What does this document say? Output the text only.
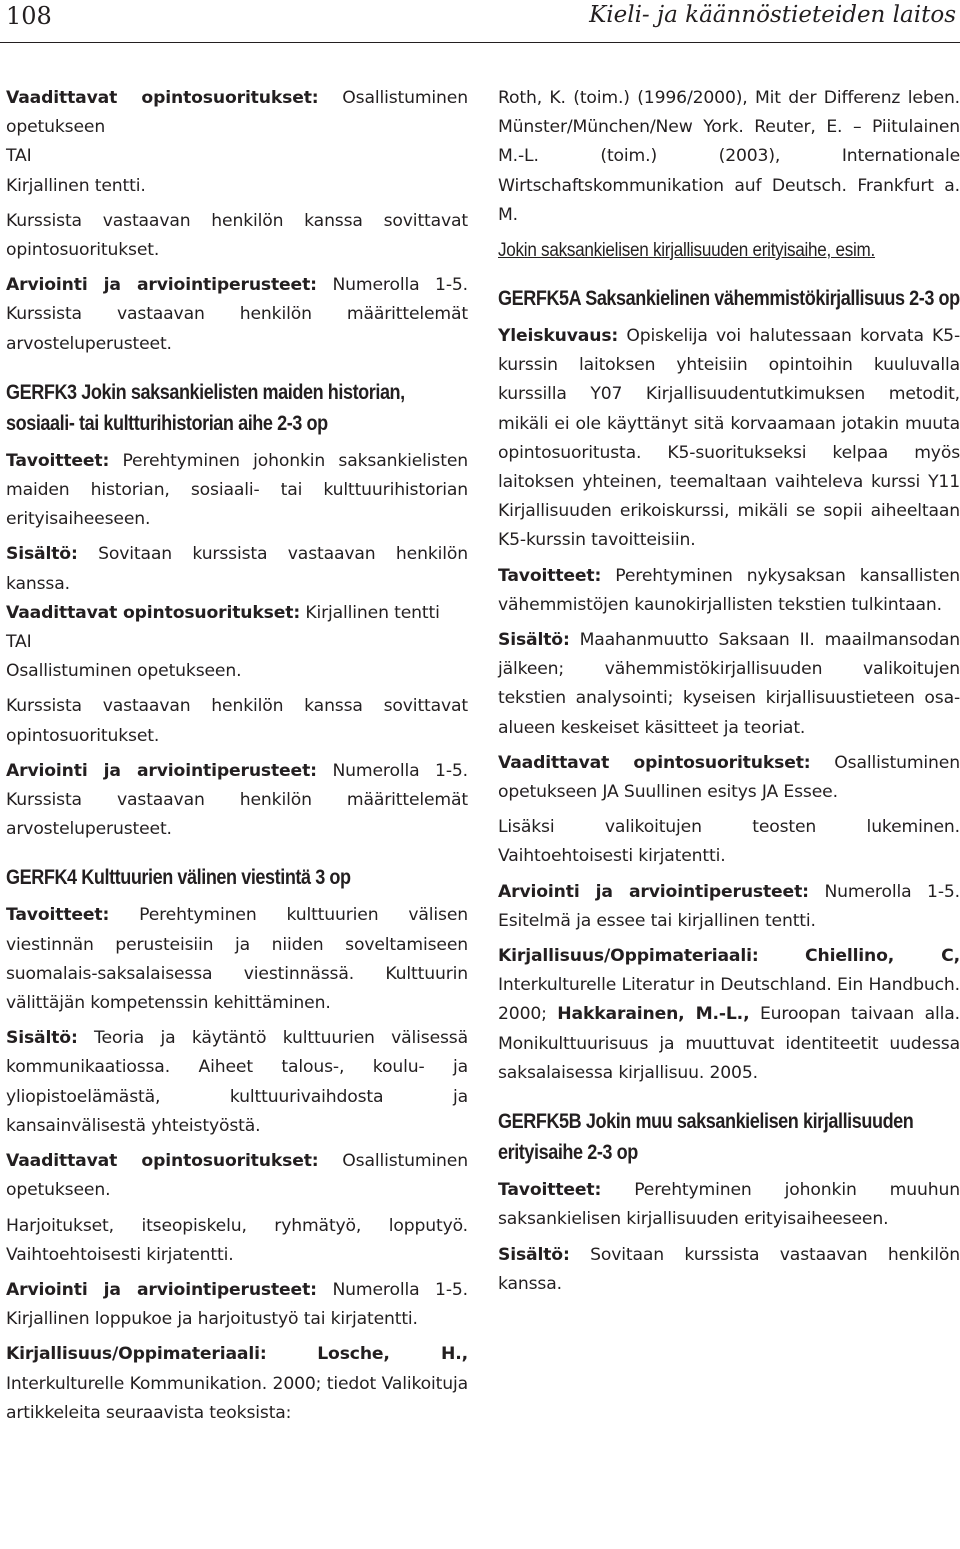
108	Kieli- ja käännöstieteiden laitos

Vaadittavat opintosuoritukset: Osallistuminen opetukseen

TAI

Kirjallinen tentti.

Kurssista vastaavan henkilön kanssa sovittavat opintosuoritukset.

Arviointi ja arviointiperusteet: Numerolla 1-5. Kurssista vastaavan henkilön määrittelemät arvosteluperusteet.

GERFK3 Jokin saksankielisten maiden historian, sosiaali- tai kultturihistorian aihe 2-3 op

Tavoitteet: Perehtyminen johonkin saksankielisten maiden historian, sosiaali- tai kulttuurihistorian erityisaiheeseen.

Sisältö: Sovitaan kurssista vastaavan henkilön kanssa.

Vaadittavat opintosuoritukset: Kirjallinen tentti

TAI

Osallistuminen opetukseen.

Kurssista vastaavan henkilön kanssa sovittavat opintosuoritukset.

Arviointi ja arviointiperusteet: Numerolla 1-5. Kurssista vastaavan henkilön määrittelemät arvosteluperusteet.

GERFK4 Kulttuurien välinen viestintä 3 op

Tavoitteet: Perehtyminen kulttuurien välisen viestinnän perusteisiin ja niiden soveltamiseen suomalais-saksalaisessa viestinnässä. Kulttuurin välittäjän kompetenssin kehittäminen.

Sisältö: Teoria ja käytäntö kulttuurien välisessä kommunikaatiossa. Aiheet talous-, koulu- ja yliopistoelämästä, kulttuurivaihdosta ja kansainvälisestä yhteistyöstä.

Vaadittavat opintosuoritukset: Osallistuminen opetukseen.

Harjoitukset, itseopiskelu, ryhmätyö, lopputyö. Vaihtoehtoisesti kirjatentti.

Arviointi ja arviointiperusteet: Numerolla 1-5. Kirjallinen loppukoe ja harjoitustyö tai kirjatentti.

Kirjallisuus/Oppimateriaali:	Losche, H., Interkulturelle Kommunikation. 2000; tiedot Valikoituja artikkeleita seuraavista teoksista:

Roth, K. (toim.) (1996/2000), Mit der Differenz leben. Münster/München/New York. Reuter, E. – Piitulainen M.-L. (toim.) (2003), Internationale Wirtschaftskommunikation auf Deutsch. Frankfurt a. M.

Jokin saksankielisen kirjallisuuden erityisaihe, esim.
GERFK5A Saksankielinen vähemmistökirjallisuus 2-3 op

Yleiskuvaus: Opiskelija voi halutessaan korvata K5-kurssin laitoksen yhteisiin opintoihin kuuluvalla kurssilla Y07 Kirjallisuudentutkimuksen metodit, mikäli ei ole käyttänyt sitä korvaamaan jotakin muuta opintosuoritusta. K5-suoritukseksi kelpaa myös laitoksen yhteinen, teemaltaan vaihteleva kurssi Y11 Kirjallisuuden erikoiskurssi, mikäli se sopii aiheeltaan K5-kurssin tavoitteisiin.

Tavoitteet: Perehtyminen nykysaksan kansallisten vähemmistöjen kaunokirjallisten tekstien tulkintaan.

Sisältö: Maahanmuutto Saksaan II. maailmansodan jälkeen; vähemmistökirjallisuuden valikoitujen tekstien analysointi; kyseisen kirjallisuustieteen osa-alueen keskeiset käsitteet ja teoriat.

Vaadittavat opintosuoritukset: Osallistuminen opetukseen JA Suullinen esitys JA Essee.

Lisäksi valikoitujen teosten lukeminen. Vaihtoehtoisesti kirjatentti.

Arviointi ja arviointiperusteet: Numerolla 1-5. Esitelmä ja essee tai kirjallinen tentti.

Kirjallisuus/Oppimateriaali:	Chiellino, C, Interkulturelle Literatur in Deutschland. Ein Handbuch. 2000; Hakkarainen, M.-L., Euroopan taivaan alla. Monikulttuurisuus ja muuttuvat identiteetit uudessa saksalaisessa kirjallisuu. 2005.

GERFK5B Jokin muu saksankielisen kirjallisuuden erityisaihe 2-3 op

Tavoitteet: Perehtyminen johonkin muuhun saksankielisen kirjallisuuden erityisaiheeseen.

Sisältö: Sovitaan kurssista vastaavan henkilön kanssa.
